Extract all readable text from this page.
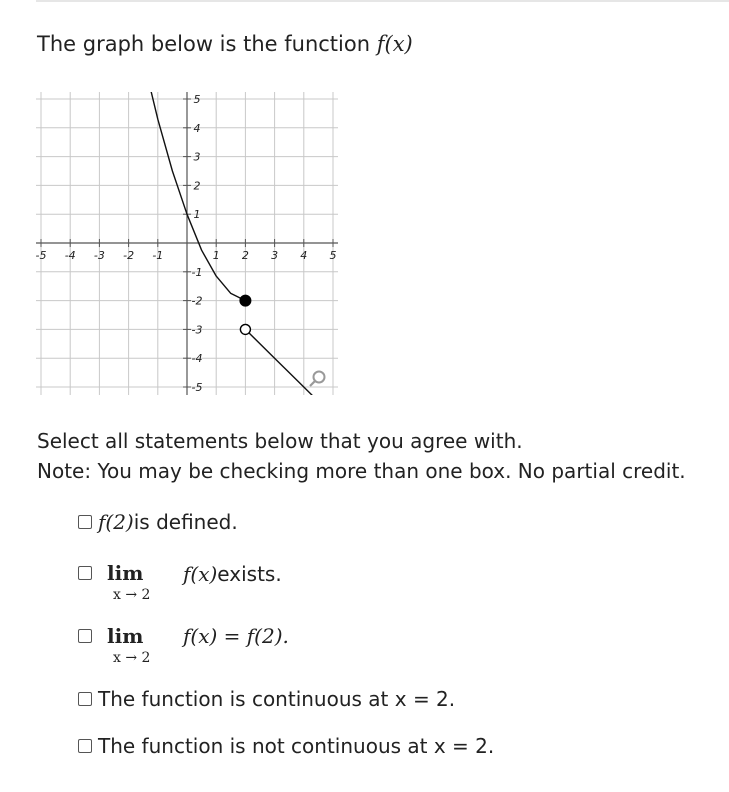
The graph below is the function f(x)
-5 -4 -3 -2 -1	1 2 3 4 5
5
4
3
2
1
-1
-2
-3
-4
-5
Select all statements below that you agree with.
Note: You may be checking more than one box. No partial credit.
f(2) is defined.
lim
x → 2
f(x) exists.
lim
x → 2
f(x) = f(2).
The function is continuous at x = 2.
The function is not continuous at x = 2.
